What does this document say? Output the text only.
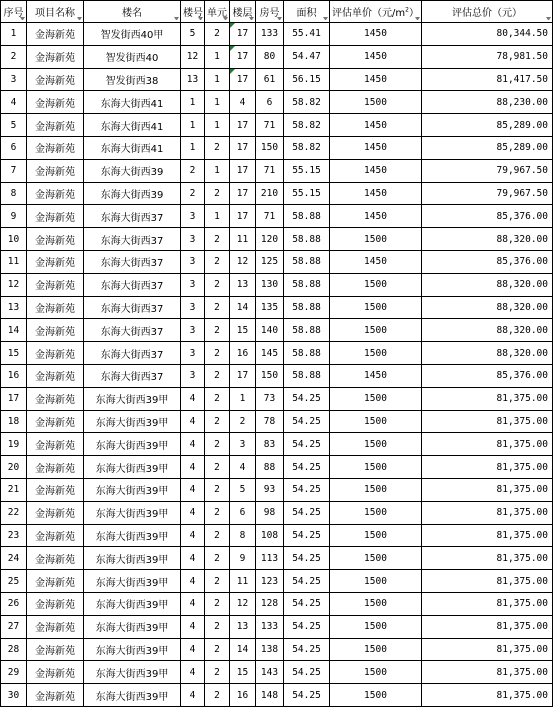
序号	项目名称	楼名	楼号	单元	楼层	房号	面积	评估单价（元$/m^2$）	评估总价（元）

1	金海新苑	智发街西40甲	5	2	17	133	55.41	1450	80,344.50
2	金海新苑	智发街西40	12	1	17	80	54.47	1450	78,981.50
3	金海新苑	智发街西38	13	1	17	61	56.15	1450	81,417.50
4	金海新苑	东海大街西41	1	1	4	6	58.82	1500	88,230.00
5	金海新苑	东海大街西41	1	1	17	71	58.82	1450	85,289.00
6	金海新苑	东海大街西41	1	2	17	150	58.82	1450	85,289.00
7	金海新苑	东海大街西39	2	1	17	71	55.15	1450	79,967.50
8	金海新苑	东海大街西39	2	2	17	210	55.15	1450	79,967.50
9	金海新苑	东海大街西37	3	1	17	71	58.88	1450	85,376.00
10	金海新苑	东海大街西37	3	2	11	120	58.88	1500	88,320.00
11	金海新苑	东海大街西37	3	2	12	125	58.88	1450	85,376.00
12	金海新苑	东海大街西37	3	2	13	130	58.88	1500	88,320.00
13	金海新苑	东海大街西37	3	2	14	135	58.88	1500	88,320.00
14	金海新苑	东海大街西37	3	2	15	140	58.88	1500	88,320.00
15	金海新苑	东海大街西37	3	2	16	145	58.88	1500	88,320.00
16	金海新苑	东海大街西37	3	2	17	150	58.88	1450	85,376.00
17	金海新苑	东海大街西39甲	4	2	1	73	54.25	1500	81,375.00
18	金海新苑	东海大街西39甲	4	2	2	78	54.25	1500	81,375.00
19	金海新苑	东海大街西39甲	4	2	3	83	54.25	1500	81,375.00
20	金海新苑	东海大街西39甲	4	2	4	88	54.25	1500	81,375.00
21	金海新苑	东海大街西39甲	4	2	5	93	54.25	1500	81,375.00
22	金海新苑	东海大街西39甲	4	2	6	98	54.25	1500	81,375.00
23	金海新苑	东海大街西39甲	4	2	8	108	54.25	1500	81,375.00
24	金海新苑	东海大街西39甲	4	2	9	113	54.25	1500	81,375.00
25	金海新苑	东海大街西39甲	4	2	11	123	54.25	1500	81,375.00
26	金海新苑	东海大街西39甲	4	2	12	128	54.25	1500	81,375.00
27	金海新苑	东海大街西39甲	4	2	13	133	54.25	1500	81,375.00
28	金海新苑	东海大街西39甲	4	2	14	138	54.25	1500	81,375.00
29	金海新苑	东海大街西39甲	4	2	15	143	54.25	1500	81,375.00
30	金海新苑	东海大街西39甲	4	2	16	148	54.25	1500	81,375.00
